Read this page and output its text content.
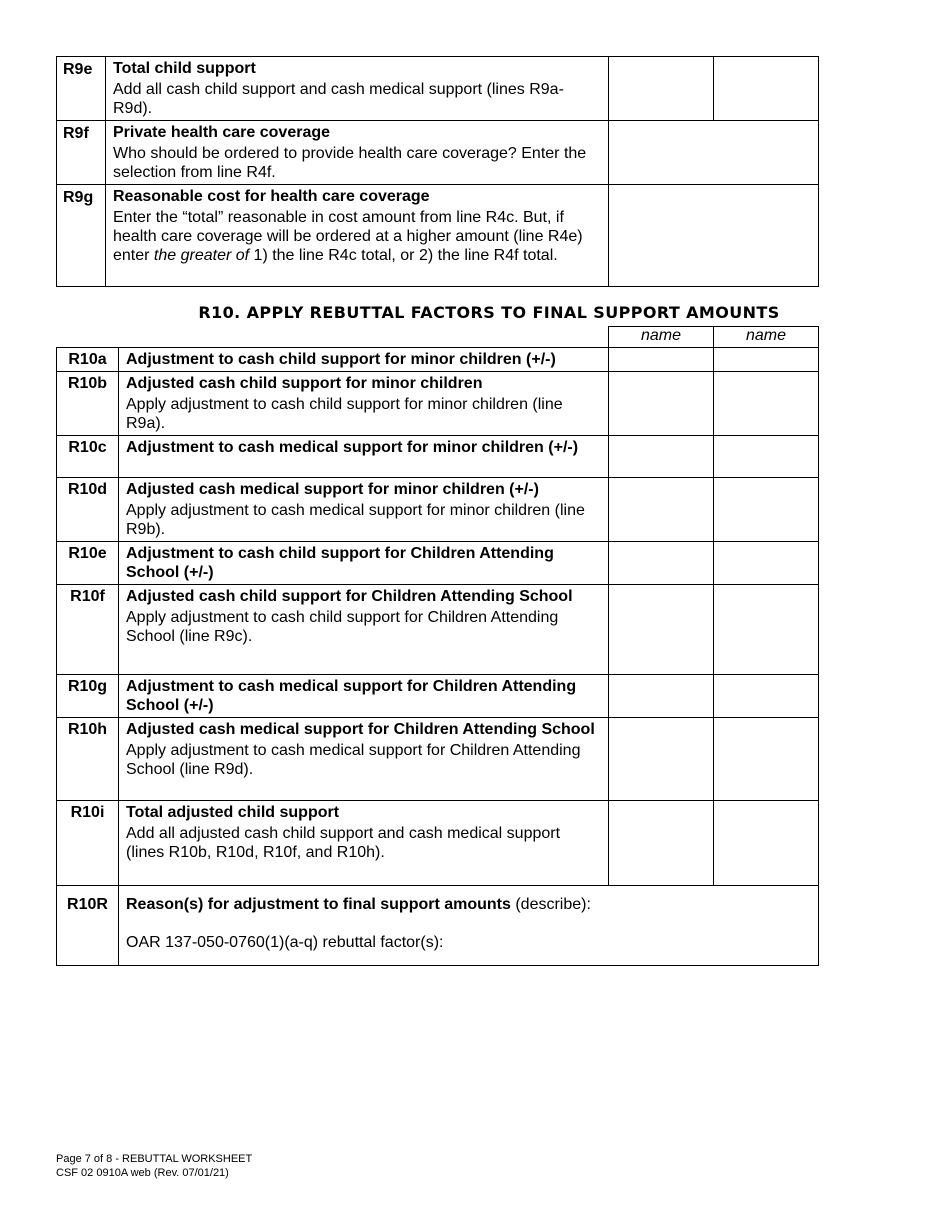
R9e	Total child support
Add all cash child support and cash medical support (lines R9a-R9d).		

R9f	Private health care coverage
Who should be ordered to provide health care coverage? Enter the selection from line R4f.		

R9g	Reasonable cost for health care coverage
Enter the “total” reasonable in cost amount from line R4c. But, if health care coverage will be ordered at a higher amount (line R4e) enter the greater of 1) the line R4c total, or 2) the line R4f total.		

R10. APPLY REBUTTAL FACTORS TO FINAL SUPPORT AMOUNTS
		name	name
R10a	Adjustment to cash child support for minor children (+/-)		

R10b	Adjusted cash child support for minor children
Apply adjustment to cash child support for minor children (line R9a).		

R10c	Adjustment to cash medical support for minor children (+/-)		

R10d	Adjusted cash medical support for minor children (+/-)
Apply adjustment to cash medical support for minor children (line R9b).		

R10e	Adjustment to cash child support for Children Attending School (+/-)		

R10f	Adjusted cash child support for Children Attending School
Apply adjustment to cash child support for Children Attending School (line R9c).		

R10g	Adjustment to cash medical support for Children Attending School (+/-)		

R10h	Adjusted cash medical support for Children Attending School
Apply adjustment to cash medical support for Children Attending School (line R9d).		

R10i	Total adjusted child support
Add all adjusted cash child support and cash medical support (lines R10b, R10d, R10f, and R10h).		

R10R	Reason(s) for adjustment to final support amounts (describe):
OAR 137-050-0760(1)(a-q) rebuttal factor(s):		
Page 7 of 8 - REBUTTAL WORKSHEET
CSF 02 0910A web (Rev. 07/01/21)
